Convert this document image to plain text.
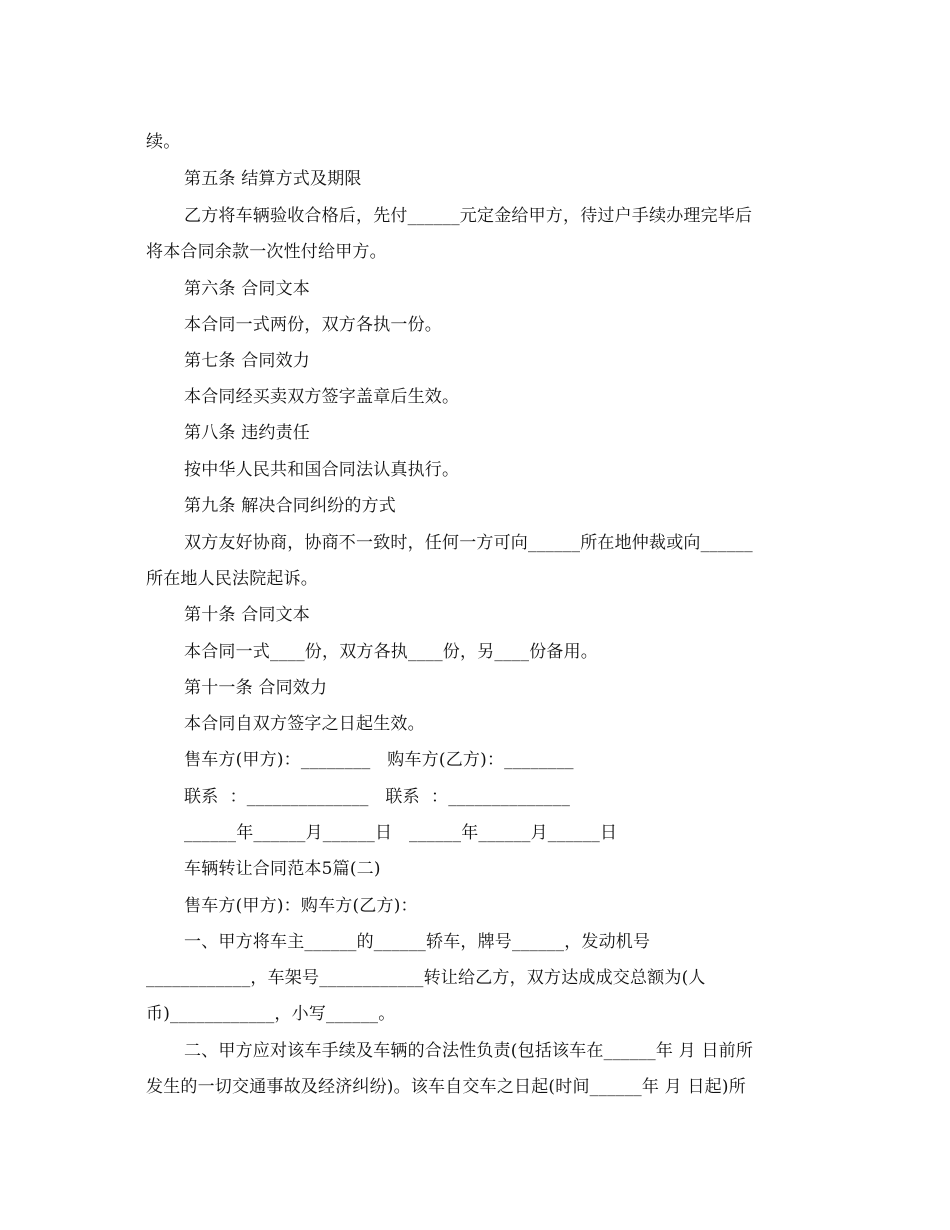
续。
第五条 结算方式及期限
乙方将车辆验收合格后，先付______元定金给甲方，待过户手续办理完毕后
将本合同余款一次性付给甲方。
第六条 合同文本
本合同一式两份，双方各执一份。
第七条 合同效力
本合同经买卖双方签字盖章后生效。
第八条 违约责任
按中华人民共和国合同法认真执行。
第九条 解决合同纠纷的方式
双方友好协商，协商不一致时，任何一方可向______所在地仲裁或向______
所在地人民法院起诉。
第十条 合同文本
本合同一式____份，双方各执____份，另____份备用。
第十一条 合同效力
本合同自双方签字之日起生效。
售车方(甲方)：________   购车方(乙方)：________
联系  ：______________   联系  ：______________
______年______月______日   ______年______月______日
车辆转让合同范本5篇(二)
售车方(甲方)：购车方(乙方)：
一、甲方将车主______的______轿车，牌号______，发动机号
____________，车架号____________转让给乙方，双方达成成交总额为(人
币)____________，小写______。
二、甲方应对该车手续及车辆的合法性负责(包括该车在______年 月 日前所
发生的一切交通事故及经济纠纷)。该车自交车之日起(时间______年 月 日起)所
